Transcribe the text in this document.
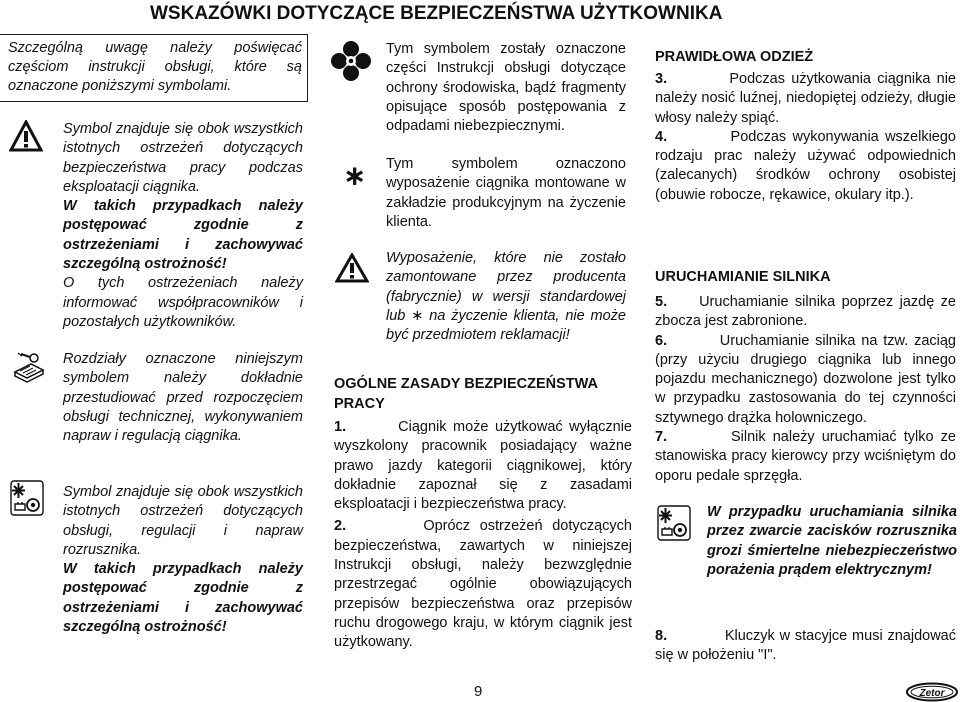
WSKAZÓWKI DOTYCZĄCE BEZPIECZEŃSTWA UŻYTKOWNIKA
Szczególną uwagę należy poświęcać częściom instrukcji obsługi, które są oznaczone poniższymi symbolami.

Symbol znajduje się obok wszystkich istotnych ostrzeżeń dotyczących bezpieczeństwa pracy podczas eksploatacji ciągnika.

W takich przypadkach należy postępować zgodnie z ostrzeżeniami i zachowywać szczególną ostrożność!

O tych ostrzeżeniach należy informować współpracowników i pozostałych użytkowników.

Rozdziały oznaczone niniejszym symbolem należy dokładnie przestudiować przed rozpoczęciem obsługi technicznej, wykonywaniem napraw i regulacją ciągnika.

Symbol znajduje się obok wszystkich istotnych ostrzeżeń dotyczących obsługi, regulacji i napraw rozrusznika.

W takich przypadkach należy postępować zgodnie z ostrzeżeniami i zachowywać szczególną ostrożność!

Tym symbolem zostały oznaczone części Instrukcji obsługi dotyczące ochrony środowiska, bądź fragmenty opisujące sposób postępowania z odpadami niebezpiecznymi.
∗ Tym symbolem oznaczono wyposażenie ciągnika montowane w zakładzie produkcyjnym na życzenie klienta.
Wyposażenie, które nie zostało zamontowane przez producenta (fabrycznie) w wersji standardowej lub ∗ na życzenie klienta, nie może być przedmiotem reklamacji!
OGÓLNE ZASADY BEZPIECZEŃSTWA PRACY

1.	Ciągnik może użytkować wyłącznie wyszkolony pracownik posiadający ważne prawo jazdy kategorii ciągnikowej, który dokładnie zapoznał się z zasadami eksploatacji i bezpieczeństwa pracy.

2.	Oprócz ostrzeżeń dotyczących bezpieczeństwa, zawartych w niniejszej Instrukcji obsługi, należy bezwzględnie przestrzegać ogólnie obowiązujących przepisów bezpieczeństwa oraz przepisów ruchu drogowego kraju, w którym ciągnik jest użytkowany.

PRAWIDŁOWA ODZIEŻ

3.	Podczas użytkowania ciągnika nie należy nosić luźnej, niedopiętej odzieży, długie włosy należy spiąć.

4.	Podczas wykonywania wszelkiego rodzaju prac należy używać odpowiednich (zalecanych) środków ochrony osobistej (obuwie robocze, rękawice, okulary itp.).

URUCHAMIANIE SILNIKA

5. Uruchamianie silnika poprzez jazdę ze zbocza jest zabronione.

6.	Uruchamianie silnika na tzw. zaciąg (przy użyciu drugiego ciągnika lub innego pojazdu mechanicznego) dozwolone jest tylko w przypadku zastosowania do tej czynności sztywnego drążka holowniczego.

7.	Silnik należy uruchamiać tylko ze stanowiska pracy kierowcy przy wciśniętym do oporu pedale sprzęgła.

W przypadku uruchamiania silnika przez zwarcie zacisków rozrusznika grozi śmiertelne niebezpieczeństwo porażenia prądem elektrycznym!
8.	Kluczyk w stacyjce musi znajdować się w położeniu "I".
9	Zetor
